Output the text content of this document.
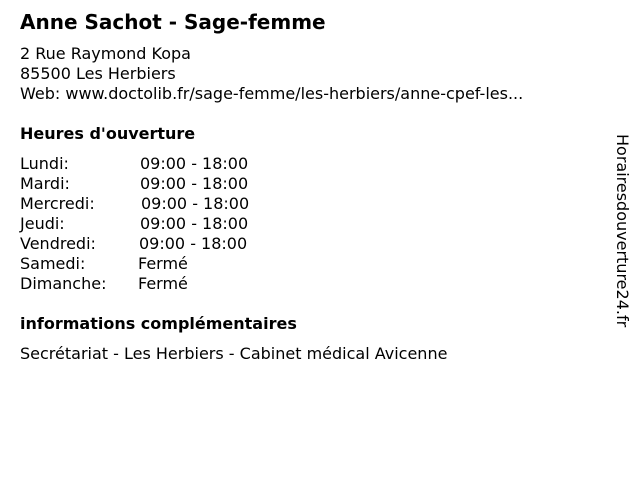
Anne Sachot - Sage-femme
2 Rue Raymond Kopa
85500 Les Herbiers
Web: www.doctolib.fr/sage-femme/les-herbiers/anne-cpef-les...
Heures d'ouverture
Lundi:	09:00 - 18:00
Mardi:	09:00 - 18:00
Mercredi:	09:00 - 18:00
Jeudi:	09:00 - 18:00
Vendredi:	09:00 - 18:00
Samedi:	Fermé
Dimanche: Fermé
informations complémentaires
Secrétariat - Les Herbiers - Cabinet médical Avicenne
Horairesdouverture24.fr
